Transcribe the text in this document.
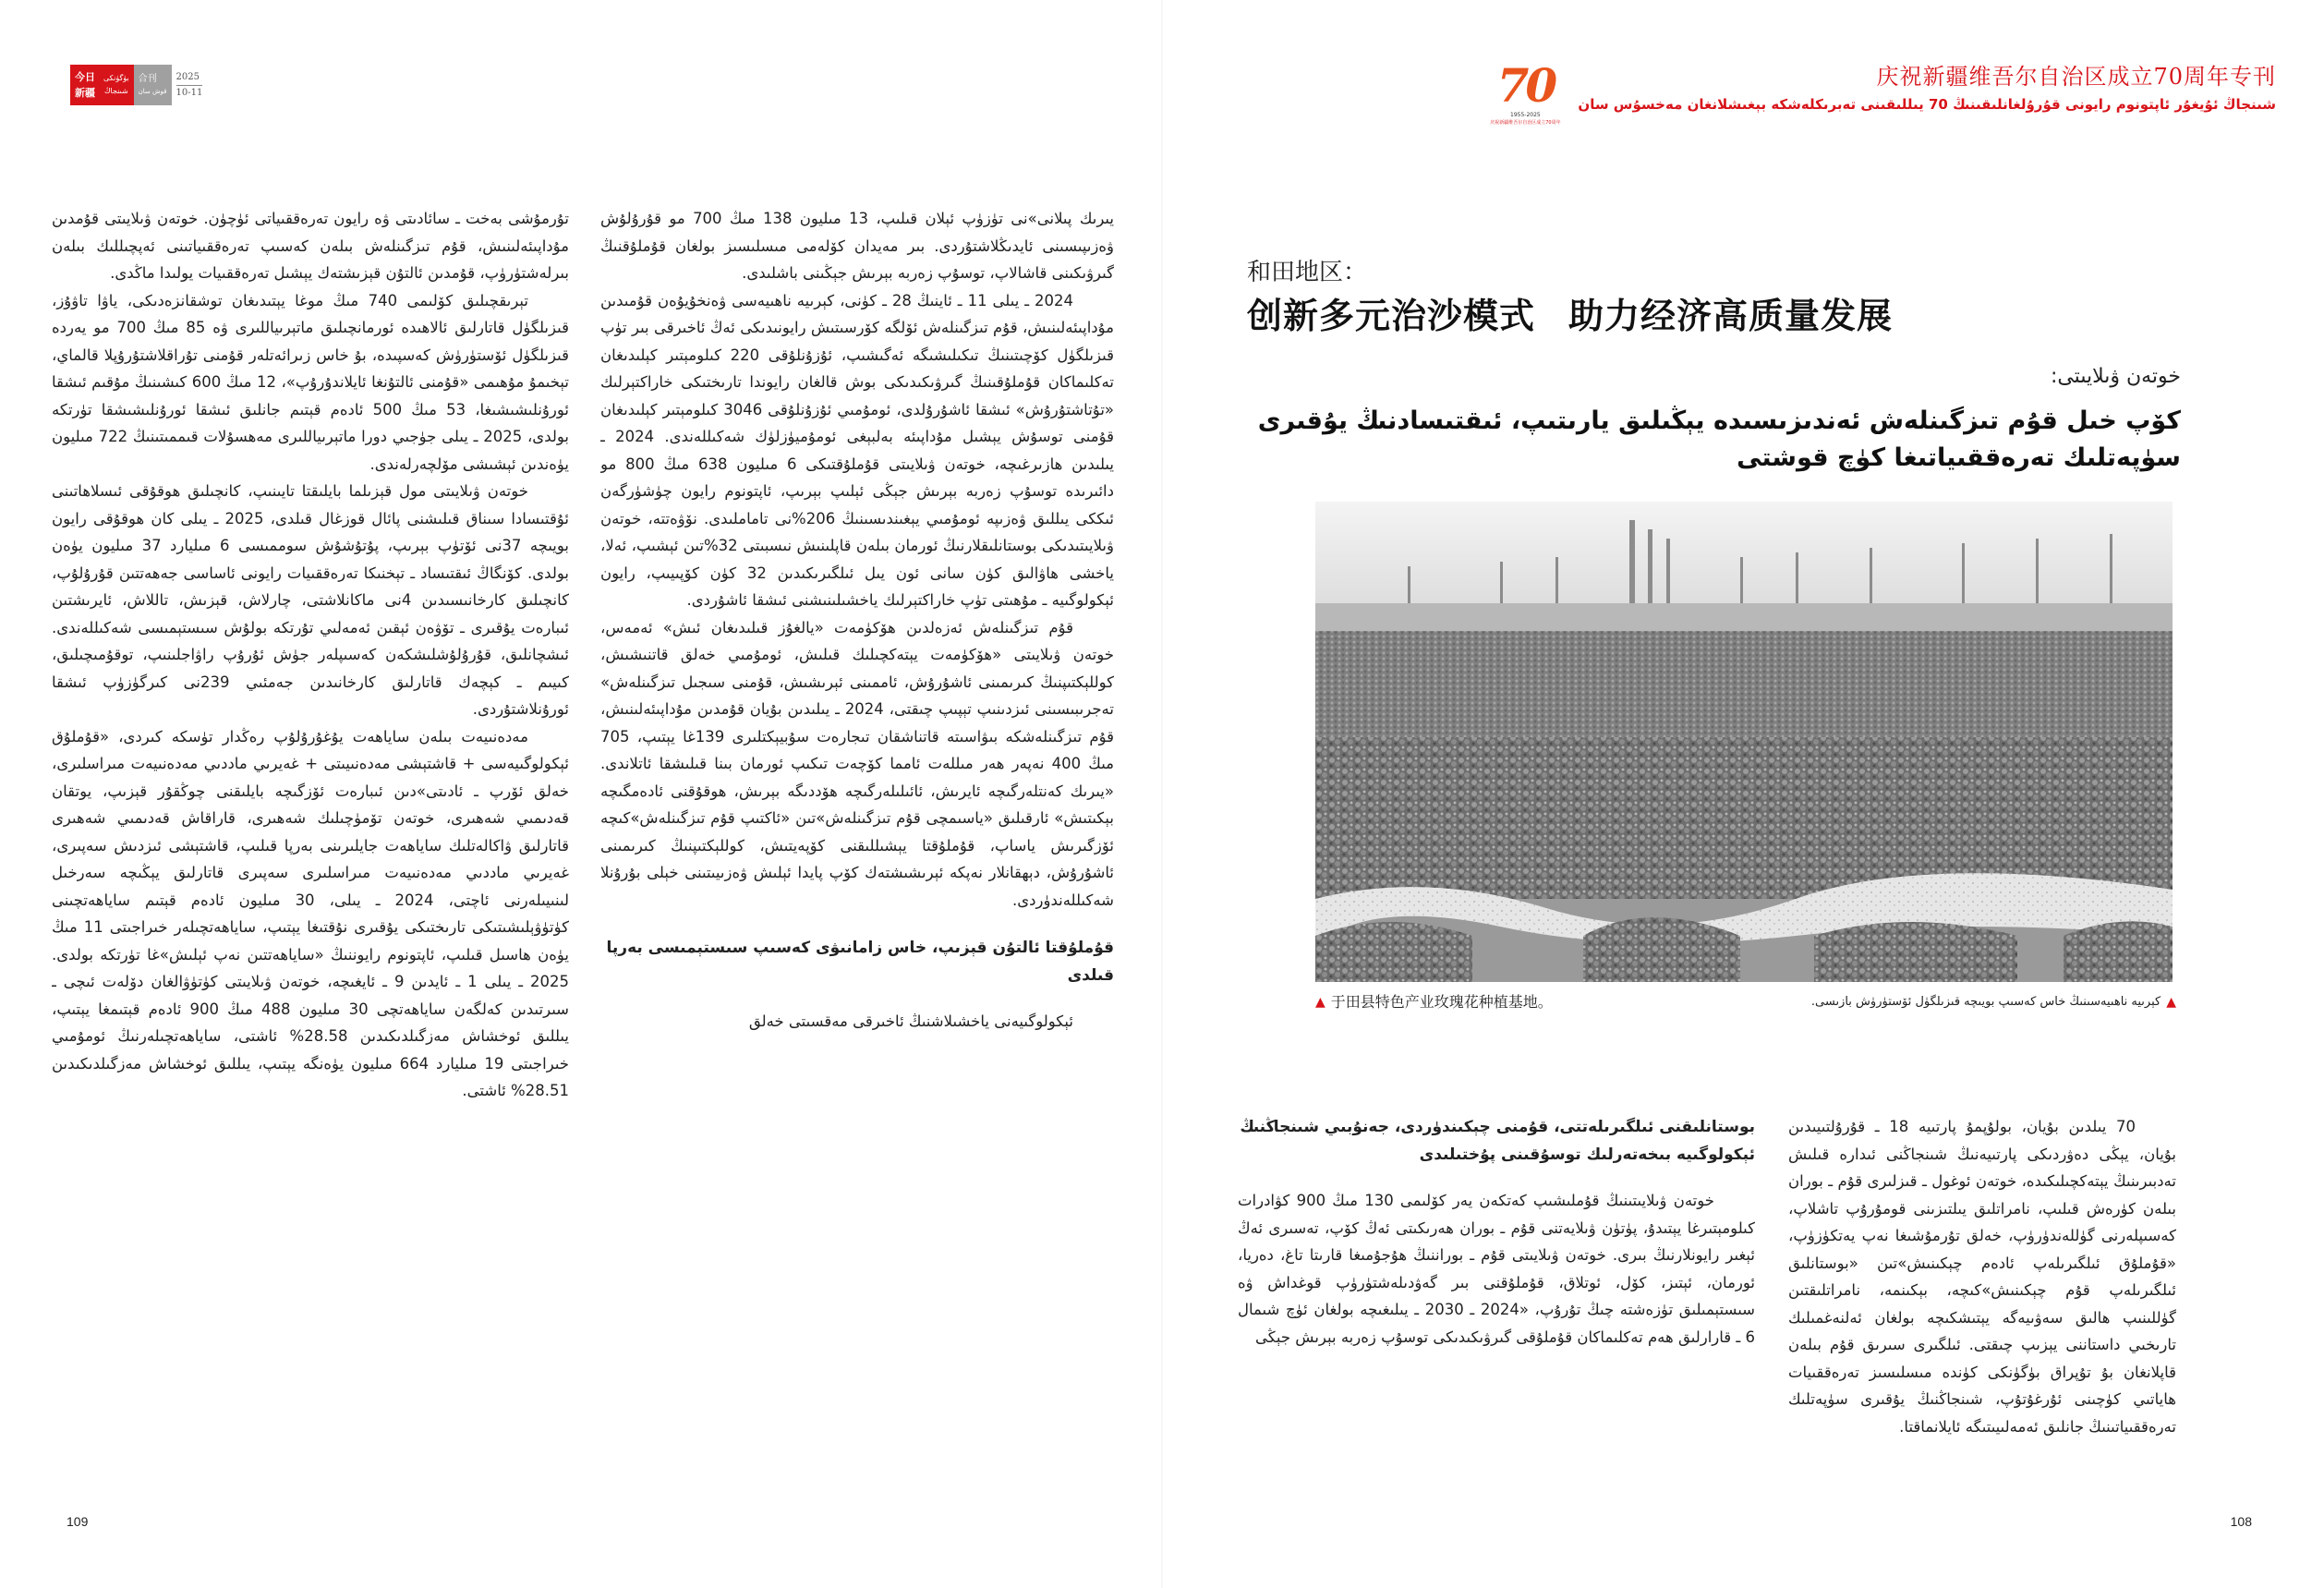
今日
新疆
بۈگۈنكى
شىنجاڭ
合刊
قوش سان
2025
10-11

يىرىك پىلانى»نى تۈزۈپ ئېلان قىلىپ، 13 مىليون 138 مىڭ 700 مو قۇرۇلۇش ۋەزىپىسىنى ئايدىڭلاشتۇردى. بىر مەيدان كۆلەمى مىسلىسىز بولغان قۇملۇقنىڭ گىرۋىكىنى قاشالاپ، توسۇپ زەربە بېرىش جېڭىنى باشلىدى.

2024 ـ يىلى 11 ـ ئاينىڭ 28 ـ كۈنى، كېرىيە ناھىيەسى ۋەنخۇيۇەن قۇمىدىن مۇداپىئەلىنىش، قۇم تىزگىنلەش ئۆلگە كۆرسىتىش رايونىدىكى ئەڭ ئاخىرقى بىر تۈپ قىزىلگۈل كۆچىتىنىڭ تىكىلىشىگە ئەگىشىپ، ئۇزۇنلۇقى 220 كىلومېتىر كېلىدىغان تەكلىماكان قۇملۇقىنىڭ گىرۋىكىدىكى بوش قالغان رايوندا تارىختىكى خاراكتېرلىك «تۇتاشتۇرۇش» ئىشقا ئاشۇرۇلدى، ئومۇمىي ئۇزۇنلۇقى 3046 كىلومېتىر كېلىدىغان قۇمنى توسۇش يېشىل مۇداپىئە بەلبېغى ئومۇميۈزلۈك شەكىللەندى. 2024 ـ يىلىدىن ھازىرغىچە، خوتەن ۋىلايىتى قۇملۇقتىكى 6 مىليون 638 مىڭ 800 مو دائىرىدە توسۇپ زەربە بېرىش جېڭى ئېلىپ بېرىپ، ئاپتونوم رايون چۈشۈرگەن ئىككى يىللىق ۋەزىپە ئومۇمىي يېغىندىسىنىڭ 206%نى تاماملىدى. نۆۋەتتە، خوتەن ۋىلايىتىدىكى بوستانلىقلارنىڭ ئورمان بىلەن قاپلىنىش نىسبىتى 32%تىن ئېشىپ، ئەلا، ياخشى ھاۋالىق كۈن سانى ئون يىل ئىلگىرىكىدىن 32 كۈن كۆپىيىپ، رايون ئېكولوگىيە ـ مۇھىتى تۈپ خاراكتېرلىك ياخشىلىنىشنى ئىشقا ئاشۇردى.

قۇم تىزگىنلەش ئەزەلدىن ھۆكۈمەت «يالغۇز قىلىدىغان ئىش» ئەمەس، خوتەن ۋىلايىتى «ھۆكۈمەت يېتەكچىلىك قىلىش، ئومۇمىي خەلق قاتنىشىش، كوللېكتىپنىڭ كىرىمىنى ئاشۇرۇش، ئاممىنى ئېرىشىش، قۇمنى سىجىل تىزگىنلەش» تەجرىبىسىنى ئىزدىنىپ تېپىپ چىقتى، 2024 ـ يىلىدىن بۇيان قۇمدىن مۇداپىئەلىنىش، قۇم تىزگىنلەشكە بىۋاسىتە قاتناشقان تىجارەت سۇبيېكتلىرى 139غا يېتىپ، 705 مىڭ 400 نەپەر ھەر مىللەت ئامما كۆچەت تىكىپ ئورمان بىنا قىلىشقا ئاتلاندى. «يىرىك كەنتلەرگىچە ئايرىش، ئائىلىلەرگىچە ھۆددىگە بېرىش، ھوقۇقنى ئادەمگىچە بېكىتىش» ئارقىلىق «ياسىمچى قۇم تىزگىنلەش»تىن «ئاكتىپ قۇم تىزگىنلەش»كىچە ئۆزگىرىش ياساپ، قۇملۇقتا يېشىللىقنى كۆپەيتىش، كوللېكتىپنىڭ كىرىمىنى ئاشۇرۇش، دېھقانلار نەپكە ئېرىشىشتەك كۆپ پايدا ئېلىش ۋەزىيىتىنى خېلى بۇرۇنلا شەكىللەندۈردى.

قۇملۇقتا ئالتۇن قېزىپ، خاس زامانىۋى كەسىپ سىستېمىسى بەرپا قىلدى

ئېكولوگىيەنى ياخشىلاشنىڭ ئاخىرقى مەقسىتى خەلق

تۇرمۇشى بەخت ـ سائادىتى ۋە رايون تەرەققىياتى ئۈچۈن. خوتەن ۋىلايىتى قۇمدىن مۇداپىئەلىنىش، قۇم تىزگىنلەش بىلەن كەسىپ تەرەققىياتىنى ئەپچىللىك بىلەن بىرلەشتۈرۈپ، قۇمدىن ئالتۇن قېزىشتەك يېشىل تەرەققىيات يولىدا ماڭدى.

تېرىقچىلىق كۆلىمى 740 مىڭ موغا يېتىدىغان توشقانزەدىكى، ياۋا تاۋۇز، قىزىلگۈل قاتارلىق ئالاھىدە ئورمانچىلىق ماتېرىياللىرى ۋە 85 مىڭ 700 مو يەردە قىزىلگۈل ئۆستۈرۈش كەسپىدە، بۇ خاس زىرائەتلەر قۇمنى تۇراقلاشتۇرۇپلا قالماي، تېخىمۇ مۇھىمى «قۇمنى ئالتۇنغا ئايلاندۇرۇپ»، 12 مىڭ 600 كىشىنىڭ مۇقىم ئىشقا ئورۇنلىشىشىغا، 53 مىڭ 500 ئادەم قېتىم جانلىق ئىشقا ئورۇنلىشىشقا تۈرتكە بولدى، 2025 ـ يىلى جۈجىي دورا ماتېرىياللىرى مەھسۇلات قىممىتىنىڭ 722 مىليون يۈەندىن ئېشىشى مۆلچەرلەندى.

خوتەن ۋىلايىتى مول قېزىلما بايلىقتا تايىنىپ، كانچىلىق ھوقۇقى ئىسلاھاتىنى ئۇقتىسادا سىناق قىلىشنى پائال قوزغال قىلدى، 2025 ـ يىلى كان ھوقۇقى رايون بويىچە 37نى ئۆتۈپ بېرىپ، پۇتۇشۇش سوممىسى 6 مىليارد 37 مىليون يۈەن بولدى. كۆنگاڭ ئىقتىساد ـ تېخنىكا تەرەققىيات رايونى ئاساسى جەھەتتىن قۇرۇلۇپ، كانچىلىق كارخانىسىدىن 4نى ماكانلاشتى، چارلاش، قېزىش، تاللاش، ئايرىشتىن ئىبارەت يۇقىرى ـ تۆۋەن ئېقىن ئەمەلىي تۇرتكە بولۇش سىستېمىسى شەكىللەندى. ئىشچانلىق، قۇرۇلۇشلىشكەن كەسىپلەر جۈش ئۇرۇپ راۋاجلىنىپ، توقۇمىچىلىق، كىيىم ـ كېچەك قاتارلىق كارخانىدىن جەمئىي 239نى كىرگۈزۈپ ئىشقا ئورۇنلاشتۇردى.

مەدەنىيەت بىلەن ساياھەت يۇغۇرۇلۇپ رەڭدار تۈسكە كىردى، «قۇملۇق ئېكولوگىيەسى + قاشتېشى مەدەنىيىتى + غەيرىي ماددىي مەدەنىيەت مىراسلىرى، خەلق ئۆرپ ـ ئادىتى»دىن ئىبارەت ئۆزگىچە بايلىقنى چوڭقۇر قېزىپ، يوتقان قەدىمىي شەھىرى، خوتەن تۆمۈچىلىك شەھىرى، قاراقاش قەدىمىي شەھىرى قاتارلىق ۋاكالەتلىك ساياھەت جايلىرىنى بەرپا قىلىپ، قاشتېشى ئىزدىش سەپىرى، غەيرىي ماددىي مەدەنىيەت مىراسلىرى سەپىرى قاتارلىق يېڭىچە سەرخىل لىنىيىلەرنى ئاچتى، 2024 ـ يىلى، 30 مىليون ئادەم قېتىم ساياھەتچىنى كۈتۈۋېلىشىتىكى تارىختىكى يۇقىرى نۇقتىغا يېتىپ، ساياھەتچىلەر خىراجىتى 11 مىڭ يۈەن ھاسىل قىلىپ، ئاپتونوم رايوننىڭ «ساياھەتتىن نەپ ئېلىش»غا تۈرتكە بولدى. 2025 ـ يىلى 1 ـ ئايدىن 9 ـ ئايغىچە، خوتەن ۋىلايىتى كۈتۈۋالغان دۆلەت ئىچى ـ سىرتىدىن كەلگەن ساياھەتچى 30 مىليون 488 مىڭ 900 ئادەم قېتىمغا يېتىپ، يىللىق ئوخشاش مەزگىلدىكىدىن 28.58% ئاشتى، ساياھەتچىلەرنىڭ ئومۇمىي خىراجىتى 19 مىليارد 664 مىليون يۈەنگە يېتىپ، يىللىق ئوخشاش مەزگىلدىكىدىن 28.51% ئاشتى.

109
70
1955-2025
庆祝新疆维吾尔自治区成立70周年
庆祝新疆维吾尔自治区成立70周年专刊
شىنجاڭ ئۇيغۇر ئاپتونوم رايونى قۇرۇلغانلىقىنىڭ 70 يىللىقىنى تەبرىكلەشكە بېغىشلانغان مەخسۇس سان
和田地区：
创新多元治沙模式 助力经济高质量发展
خوتەن ۋىلايىتى:
كۆپ خىل قۇم تىزگىنلەش ئەندىزىسىدە يېڭىلىق يارىتىپ، ئىقتىسادنىڭ يۇقىرى سۈپەتلىك تەرەققىياتىغا كۈچ قوشتى
▲ 于田县特色产业玫瑰花种植基地。	▲
كېرىيە ناھىيەسىنىڭ خاس كەسىپ بويىچە قىزىلگۈل ئۆستۈرۈش بازىسى.

70 يىلدىن بۇيان، بولۇپمۇ پارتىيە 18 ـ قۇرۇلتىيىدىن بۇيان، يېڭى دەۋردىكى پارتىيەنىڭ شىنجاڭنى ئىدارە قىلىش تەدبىرىنىڭ يېتەكچىلىكىدە، خوتەن ئوغول ـ قىزلىرى قۇم ـ بوران بىلەن كۈرەش قىلىپ، نامراتلىق يىلتىزىنى قومۇرۇپ تاشلاپ، كەسىپلەرنى گۈللەندۈرۈپ، خەلق تۇرمۇشىغا نەپ يەتكۈزۈپ، «قۇملۇق ئىلگىرىلەپ ئادەم چېكىنىش»تىن «بوستانلىق ئىلگىرىلەپ قۇم چېكىنىش»كىچە، بېكىنمە، نامراتلىقتىن گۈللىنىپ ھالىق سەۋىيەگە يېتىشكىچە بولغان ئەلنەغمىلىك تارىخىي داستاننى يېزىپ چىقتى. ئىلگىرى سىرىق قۇم بىلەن قاپلانغان بۇ تۇپراق بۈگۈنكى كۈندە مىسلىسىز تەرەققىيات ھاياتىي كۈچىنى ئۇرغۇتۇپ، شىنجاڭنىڭ يۇقىرى سۈپەتلىك تەرەققىياتىنىڭ جانلىق ئەمەلىيىتىگە ئايلانماقتا.

بوستانلىقنى ئىلگىرىلەتتى، قۇمنى چېكىندۈردى، جەنۇبىي شىنجاڭنىڭ ئېكولوگىيە بىخەتەرلىك توسۇقىنى پۇختىلىدى

خوتەن ۋىلايىتىنىڭ قۇملىشىپ كەتكەن يەر كۆلىمى 130 مىڭ 900 كۋادرات كىلومېتىرغا يېتىدۇ، پۈتۈن ۋىلايەتنى قۇم ـ بوران ھەرىكىتى ئەڭ كۆپ، تەسىرى ئەڭ ئېغىر رايونلارنىڭ بىرى. خوتەن ۋىلايىتى قۇم ـ بوراننىڭ ھۇجۇمىغا قارىتا تاغ، دەريا، ئورمان، ئېتىز، كۆل، ئوتلاق، قۇملۇقنى بىر گەۋدىلەشتۈرۈپ قوغداش ۋە سىستېمىلىق تۈزەشتە چىڭ تۇرۇپ، «2024 ـ 2030 ـ يىلىغىچە بولغان ئۈچ شىمال 6 ـ قارارلىق ھەم تەكلىماكان قۇملۇقى گىرۋىكىدىكى توسۇپ زەربە بېرىش جېڭى

108
